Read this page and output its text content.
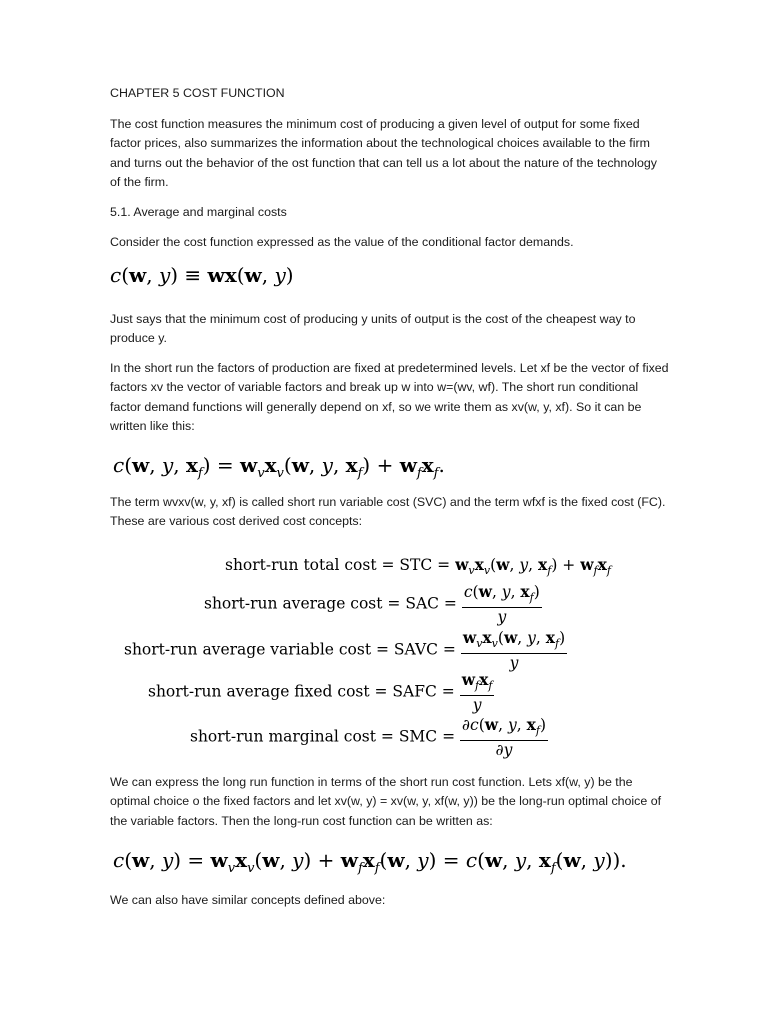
CHAPTER 5 COST FUNCTION

The cost function measures the minimum cost of producing a given level of output for some fixed factor prices, also summarizes the information about the technological choices available to the firm and turns out the behavior of the ost function that can tell us a lot about the nature of the technology of the firm.

5.1. Average and marginal costs

Consider the cost function expressed as the value of the conditional factor demands.

c(w, y) ≡ wx(w, y)

Just says that the minimum cost of producing y units of output is the cost of the cheapest way to produce y.

In the short run the factors of production are fixed at predetermined levels. Let xf be the vector of fixed factors xv the vector of variable factors and break up w into w=(wv, wf). The short run conditional factor demand functions will generally depend on xf, so we write them as xv(w, y, xf). So it can be written like this:

c(w, y, $x_f) = w_vx_v(w$, y, $x_f) + w_fx_f$.

The term wvxv(w, y, xf) is called short run variable cost (SVC) and the term wfxf is the fixed cost (FC). These are various cost derived cost concepts:

short-run total cost = STC = $w_vx_v(w$, y, $x_f) + w_fx_f$
short-run average cost = SAC = $\frac{c(w, y, x_f)}{y}$
short-run average variable cost = SAVC = $\frac{w_vx_v(w, y, x_f)}{y}$
short-run average fixed cost = SAFC = $\frac{w_fx_f}{y}$
short-run marginal cost = SMC = $\frac{\partial c(w, y, x_f)}{\partial y}$

We can express the long run function in terms of the short run cost function. Lets xf(w, y) be the optimal choice o the fixed factors and let xv(w, y) = xv(w, y, xf(w, y)) be the long-run optimal choice of the variable factors. Then the long-run cost function can be written as:

c(w, $y) = w_vx_v(w$, $y) + w_fx_f(w$, y) = c(w, y, $x_f(w$, y)).

We can also have similar concepts defined above:
